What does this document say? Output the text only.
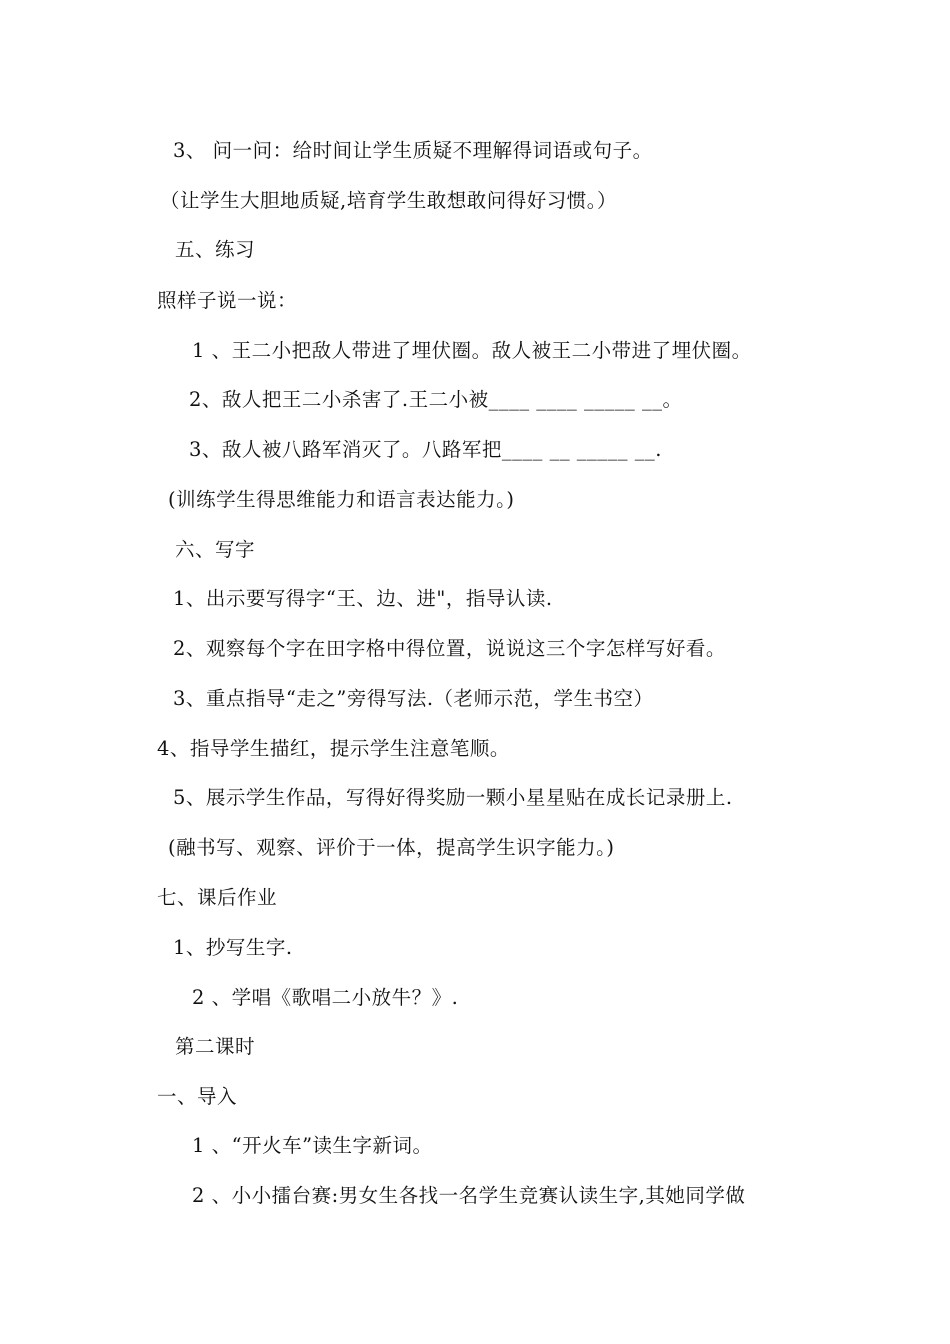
3、 问一问：给时间让学生质疑不理解得词语或句子。
（让学生大胆地质疑,培育学生敢想敢问得好习惯。）
五、练习
照样子说一说：
1 、王二小把敌人带进了埋伏圈。敌人被王二小带进了埋伏圈。
2、敌人把王二小杀害了.王二小被____ ____ _____ __。
3、敌人被八路军消灭了。八路军把____ __ _____ __.
(训练学生得思维能力和语言表达能力。)
六、写字
1、出示要写得字“王、边、进"，指导认读.
2、观察每个字在田字格中得位置，说说这三个字怎样写好看。
3、重点指导“走之”旁得写法.（老师示范，学生书空）
4、指导学生描红，提示学生注意笔顺。
5、展示学生作品，写得好得奖励一颗小星星贴在成长记录册上.
(融书写、观察、评价于一体，提高学生识字能力。)
七、课后作业
1、抄写生字.
2 、学唱《歌唱二小放牛？》.
第二课时
一、导入
1 、“开火车”读生字新词。
2 、小小擂台赛:男女生各找一名学生竞赛认读生字,其她同学做
